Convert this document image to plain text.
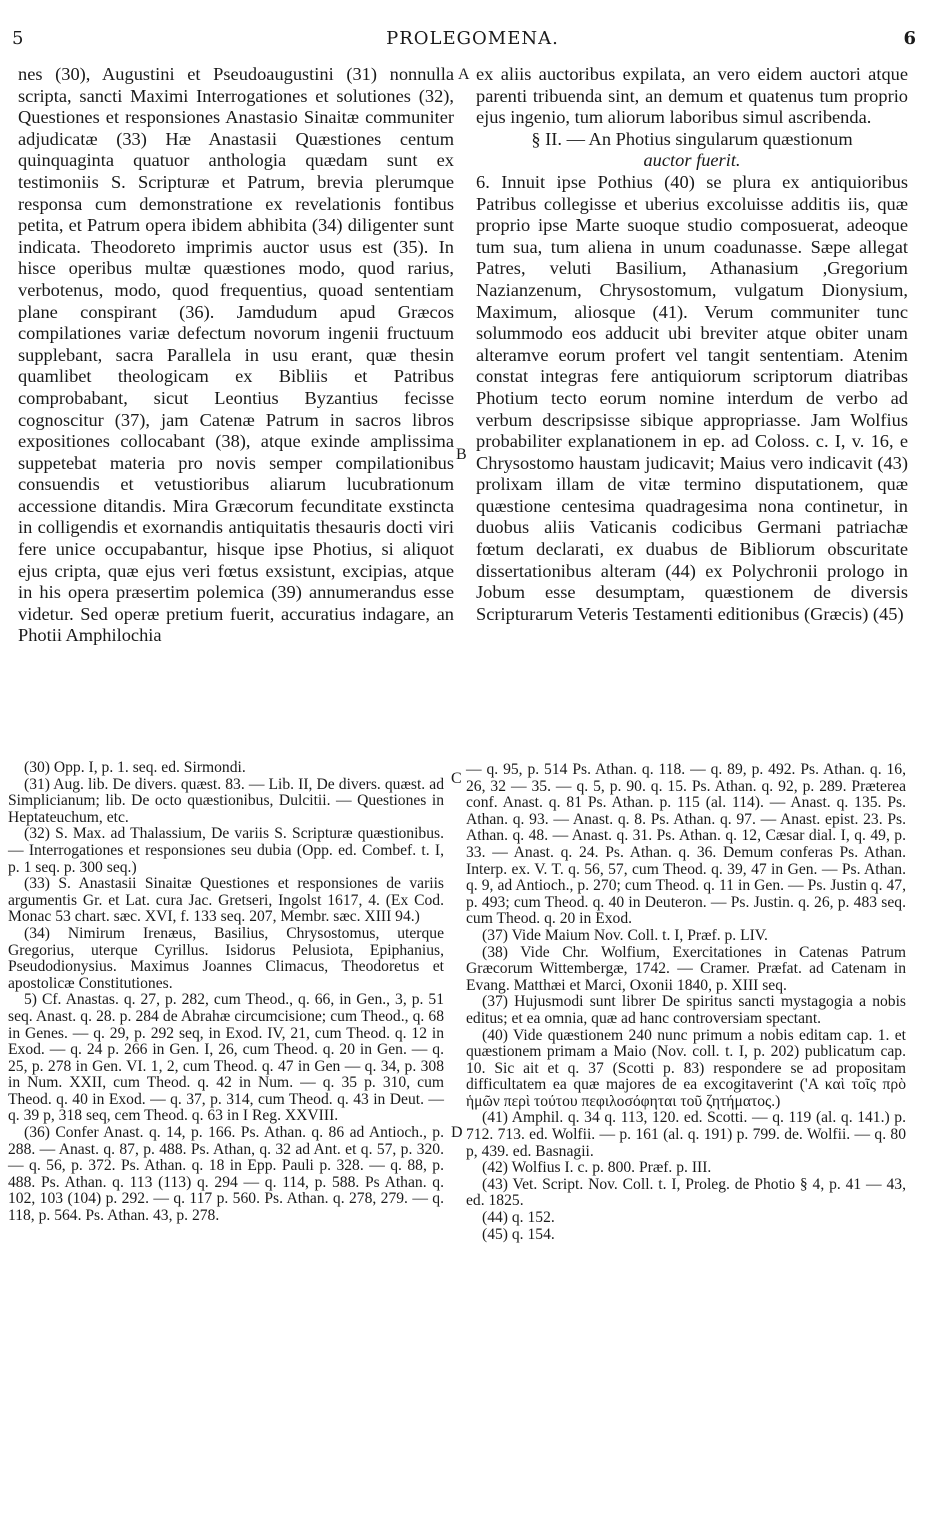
5	PROLEGOMENA.	6

nes (30), Augustini et Pseudoaugustini (31) nonnulla scripta, sancti Maximi Interrogationes et solutiones (32), Questiones et responsiones Anastasio Sinaitæ communiter adjudicatæ (33) Hæ Anastasii Quæstiones centum quinquaginta quatuor anthologia quædam sunt ex testimoniis S. Scripturæ et Patrum, brevia plerumque responsa cum demonstratione ex revelationis fontibus petita, et Patrum opera ibidem abhibita (34) diligenter sunt indicata. Theodoreto imprimis auctor usus est (35). In hisce operibus multæ quæstiones modo, quod rarius, verbotenus, modo, quod frequentius, quoad sententiam plane conspirant (36). Jamdudum apud Græcos compilationes variæ defectum novorum ingenii fructuum supplebant, sacra Parallela in usu erant, quæ thesin quamlibet theologicam ex Bibliis et Patribus comprobabant, sicut Leontius Byzantius fecisse cognoscitur (37), jam Catenæ Patrum in sacros libros expositiones collocabant (38), atque exinde amplissima suppetebat materia pro novis semper compilationibus consuendis et vetustioribus aliarum lucubrationum accessione ditandis. Mira Græcorum fecunditate exstincta in colligendis et exornandis antiquitatis thesauris docti viri fere unice occupabantur, hisque ipse Photius, si aliquot ejus cripta, quæ ejus veri fœtus exsistunt, excipias, atque in his opera præsertim polemica (39) annumerandus esse videtur. Sed operæ pretium fuerit, accuratius indagare, an Photii Amphilochia

ex aliis auctoribus expilata, an vero eidem auctori atque parenti tribuenda sint, an demum et quatenus tum proprio ejus ingenio, tum aliorum laboribus simul ascribenda.

§ II. — An Photius singularum quæstionum

auctor fuerit.

6. Innuit ipse Pothius (40) se plura ex antiquioribus Patribus collegisse et uberius excoluisse additis iis, quæ proprio ipse Marte suoque studio composuerat, adeoque tum sua, tum aliena in unum coadunasse. Sæpe allegat Patres, veluti Basilium, Athanasium ,Gregorium Nazianzenum, Chrysostomum, vulgatum Dionysium, Maximum, aliosque (41). Verum communiter tunc solummodo eos adducit ubi breviter atque obiter unam alteramve eorum profert vel tangit sententiam. Atenim constat integras fere antiquiorum scriptorum diatribas Photium tecto eorum nomine interdum de verbo ad verbum descripsisse sibique appropriasse. Jam Wolfius probabiliter explanationem in ep. ad Coloss. c. I, v. 16, e Chrysostomo haustam judicavit; Maius vero indicavit (43) prolixam illam de vitæ termino disputationem, quæ quæstione centesima quadragesima nona continetur, in duobus aliis Vaticanis codicibus Germani patriachæ fœtum declarati, ex duabus de Bibliorum obscuritate dissertationibus alteram (44) ex Polychronii prologo in Jobum esse desumptam, quæstionem de diversis Scripturarum Veteris Testamenti editionibus (Græcis) (45)

A
B
C
D

(30) Opp. I, p. 1. seq. ed. Sirmondi.

(31) Aug. lib. De divers. quæst. 83. — Lib. II, De divers. quæst. ad Simplicianum; lib. De octo quæstionibus, Dulcitii. — Questiones in Heptateuchum, etc.

(32) S. Max. ad Thalassium, De variis S. Scripturæ quæstionibus. — Interrogationes et responsiones seu dubia (Opp. ed. Combef. t. I, p. 1 seq. p. 300 seq.)

(33) S. Anastasii Sinaitæ Questiones et responsiones de variis argumentis Gr. et Lat. cura Jac. Gretseri, Ingolst 1617, 4. (Ex Cod. Monac 53 chart. sæc. XVI, f. 133 seq. 207, Membr. sæc. XIII 94.)

(34) Nimirum Irenæus, Basilius, Chrysostomus, uterque Gregorius, uterque Cyrillus. Isidorus Pelusiota, Epiphanius, Pseudodionysius. Maximus Joannes Climacus, Theodoretus et apostolicæ Constitutiones.

5) Cf. Anastas. q. 27, p. 282, cum Theod., q. 66, in Gen., 3, p. 51 seq. Anast. q. 28. p. 284 de Abrahæ circumcisione; cum Theod., q. 68 in Genes. — q. 29, p. 292 seq, in Exod. IV, 21, cum Theod. q. 12 in Exod. — q. 24 p. 266 in Gen. I, 26, cum Theod. q. 20 in Gen. — q. 25, p. 278 in Gen. VI. 1, 2, cum Theod. q. 47 in Gen — q. 34, p. 308 in Num. XXII, cum Theod. q. 42 in Num. — q. 35 p. 310, cum Theod. q. 40 in Exod. — q. 37, p. 314, cum Theod. q. 43 in Deut. — q. 39 p, 318 seq, cem Theod. q. 63 in I Reg. XXVIII.

(36) Confer Anast. q. 14, p. 166. Ps. Athan. q. 86 ad Antioch., p. 288. — Anast. q. 87, p. 488. Ps. Athan, q. 32 ad Ant. et q. 57, p. 320. — q. 56, p. 372. Ps. Athan. q. 18 in Epp. Pauli p. 328. — q. 88, p. 488. Ps. Athan. q. 113 (113) q. 294 — q. 114, p. 588. Ps Athan. q. 102, 103 (104) p. 292. — q. 117 p. 560. Ps. Athan. q. 278, 279. — q. 118, p. 564. Ps. Athan. 43, p. 278.

— q. 95, p. 514 Ps. Athan. q. 118. — q. 89, p. 492. Ps. Athan. q. 16, 26, 32 — 35. — q. 5, p. 90. q. 15. Ps. Athan. q. 92, p. 289. Præterea conf. Anast. q. 81 Ps. Athan. p. 115 (al. 114). — Anast. q. 135. Ps. Athan. q. 93. — Anast. q. 8. Ps. Athan. q. 97. — Anast. epist. 23. Ps. Athan. q. 48. — Anast. q. 31. Ps. Athan. q. 12, Cæsar dial. I, q. 49, p. 33. — Anast. q. 24. Ps. Athan. q. 36. Demum conferas Ps. Athan. Interp. ex. V. T. q. 56, 57, cum Theod. q. 39, 47 in Gen. — Ps. Athan. q. 9, ad Antioch., p. 270; cum Theod. q. 11 in Gen. — Ps. Justin q. 47, p. 493; cum Theod. q. 40 in Deuteron. — Ps. Justin. q. 26, p. 483 seq. cum Theod. q. 20 in Exod.

(37) Vide Maium Nov. Coll. t. I, Præf. p. LIV.

(38) Vide Chr. Wolfium, Exercitationes in Catenas Patrum Græcorum Wittembergæ, 1742. — Cramer. Præfat. ad Catenam in Evang. Matthæi et Marci, Oxonii 1840, p. XIII seq.

(37) Hujusmodi sunt librer De spiritus sancti mystagogia a nobis editus; et ea omnia, quæ ad hanc controversiam spectant.

(40) Vide quæstionem 240 nunc primum a nobis editam cap. 1. et quæstionem primam a Maio (Nov. coll. t. I, p. 202) publicatum cap. 10. Sic ait et q. 37 (Scotti p. 83) respondere se ad propositam difficultatem ea quæ majores de ea excogitaverint ('Α καὶ τοῖς πρὸ ἡμῶν περὶ τούτου πεφιλοσόφηται τοῦ ζητήματος.)

(41) Amphil. q. 34 q. 113, 120. ed. Scotti. — q. 119 (al. q. 141.) p. 712. 713. ed. Wolfii. — p. 161 (al. q. 191) p. 799. de. Wolfii. — q. 80 p, 439. ed. Basnagii.

(42) Wolfius I. c. p. 800. Præf. p. III.

(43) Vet. Script. Nov. Coll. t. I, Proleg. de Photio § 4, p. 41 — 43, ed. 1825.

(44) q. 152.

(45) q. 154.
